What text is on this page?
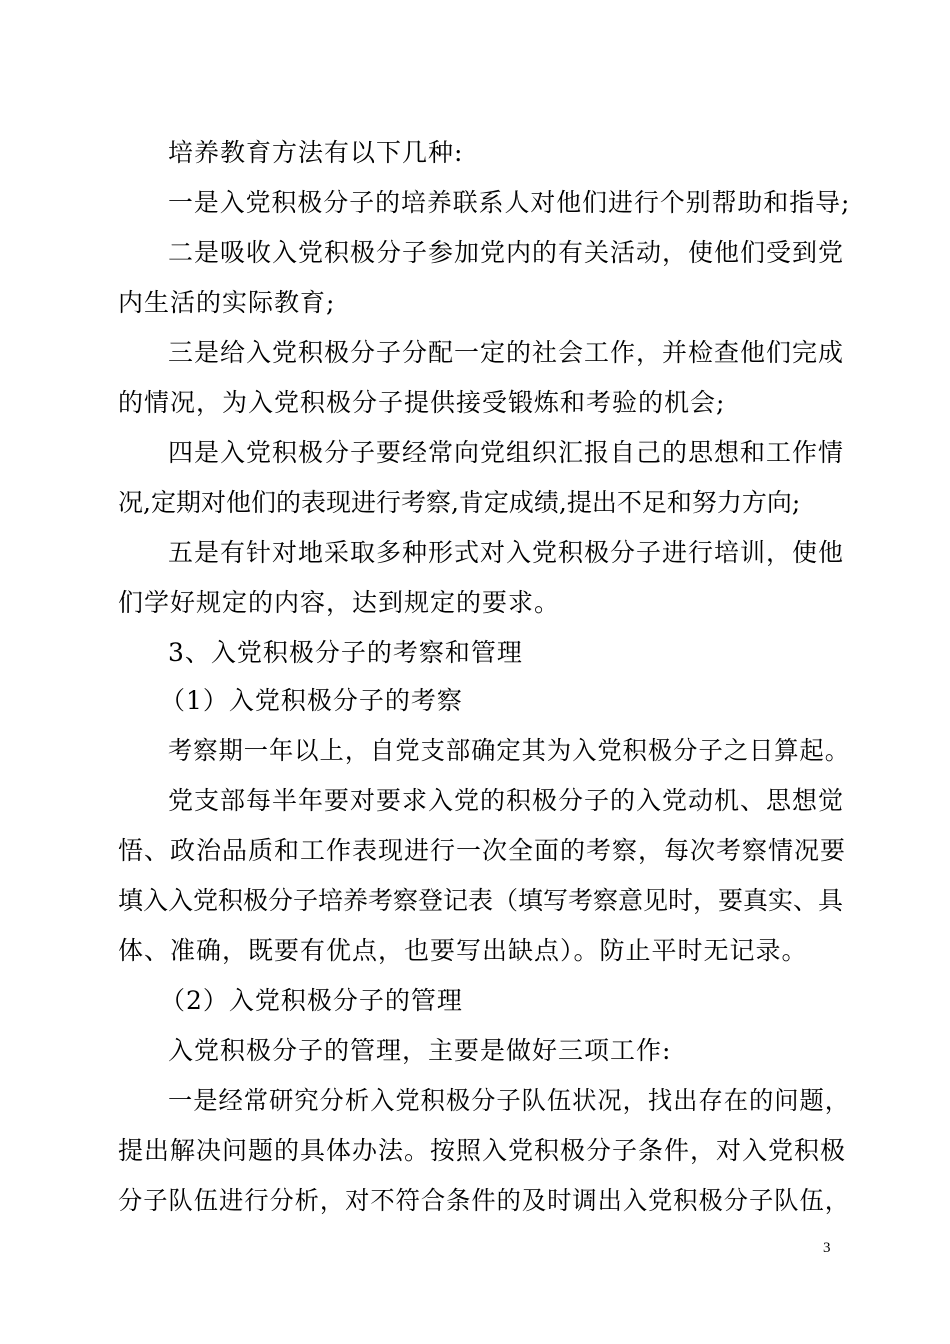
培养教育方法有以下几种:
一是入党积极分子的培养联系人对他们进行个别帮助和指导;
二是吸收入党积极分子参加党内的有关活动，使他们受到党
内生活的实际教育;
三是给入党积极分子分配一定的社会工作，并检查他们完成
的情况，为入党积极分子提供接受锻炼和考验的机会;
四是入党积极分子要经常向党组织汇报自己的思想和工作情
况,定期对他们的表现进行考察,肯定成绩,提出不足和努力方向;
五是有针对地采取多种形式对入党积极分子进行培训，使他
们学好规定的内容，达到规定的要求。
3、入党积极分子的考察和管理
（1）入党积极分子的考察
考察期一年以上，自党支部确定其为入党积极分子之日算起。
党支部每半年要对要求入党的积极分子的入党动机、思想觉
悟、政治品质和工作表现进行一次全面的考察，每次考察情况要
填入入党积极分子培养考察登记表（填写考察意见时，要真实、具
体、准确，既要有优点，也要写出缺点）。防止平时无记录。
（2）入党积极分子的管理
入党积极分子的管理，主要是做好三项工作:
一是经常研究分析入党积极分子队伍状况，找出存在的问题，
提出解决问题的具体办法。按照入党积极分子条件，对入党积极
分子队伍进行分析，对不符合条件的及时调出入党积极分子队伍，
3
